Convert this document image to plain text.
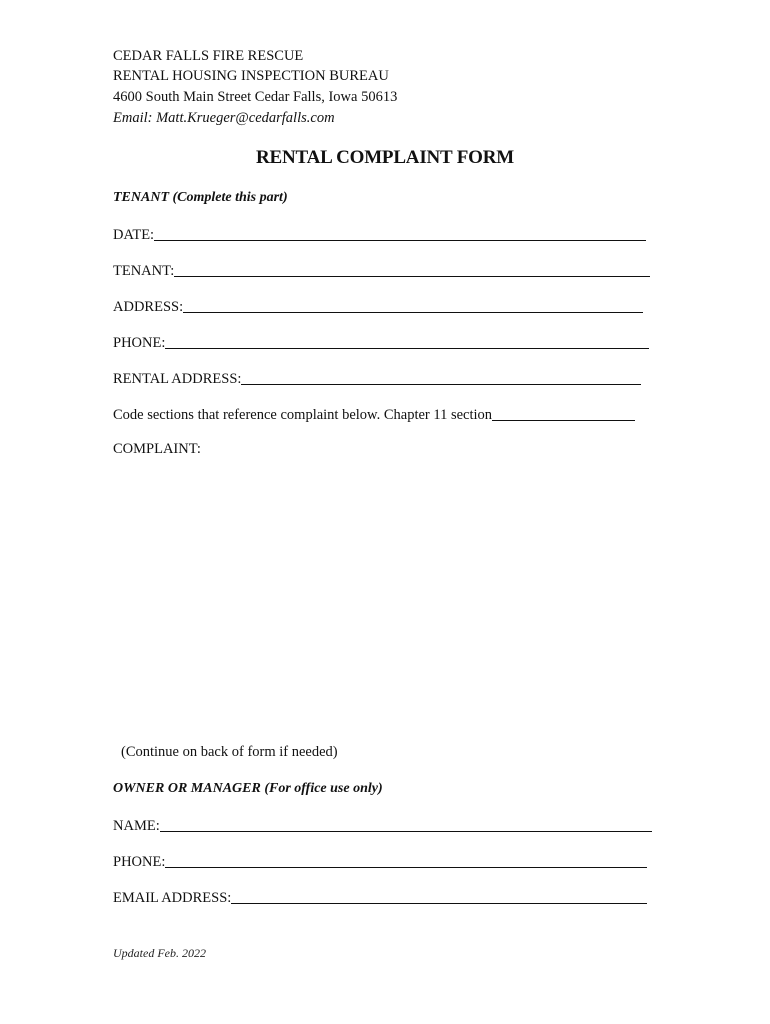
CEDAR FALLS FIRE RESCUE
RENTAL HOUSING INSPECTION BUREAU
4600 South Main Street Cedar Falls, Iowa 50613
Email: Matt.Krueger@cedarfalls.com
RENTAL COMPLAINT FORM
TENANT (Complete this part)
DATE:
TENANT:
ADDRESS:
PHONE:
RENTAL ADDRESS:
Code sections that reference complaint below. Chapter 11 section
COMPLAINT:
(Continue on back of form if needed)
OWNER OR MANAGER (For office use only)
NAME:
PHONE:
EMAIL ADDRESS:
Updated Feb. 2022
